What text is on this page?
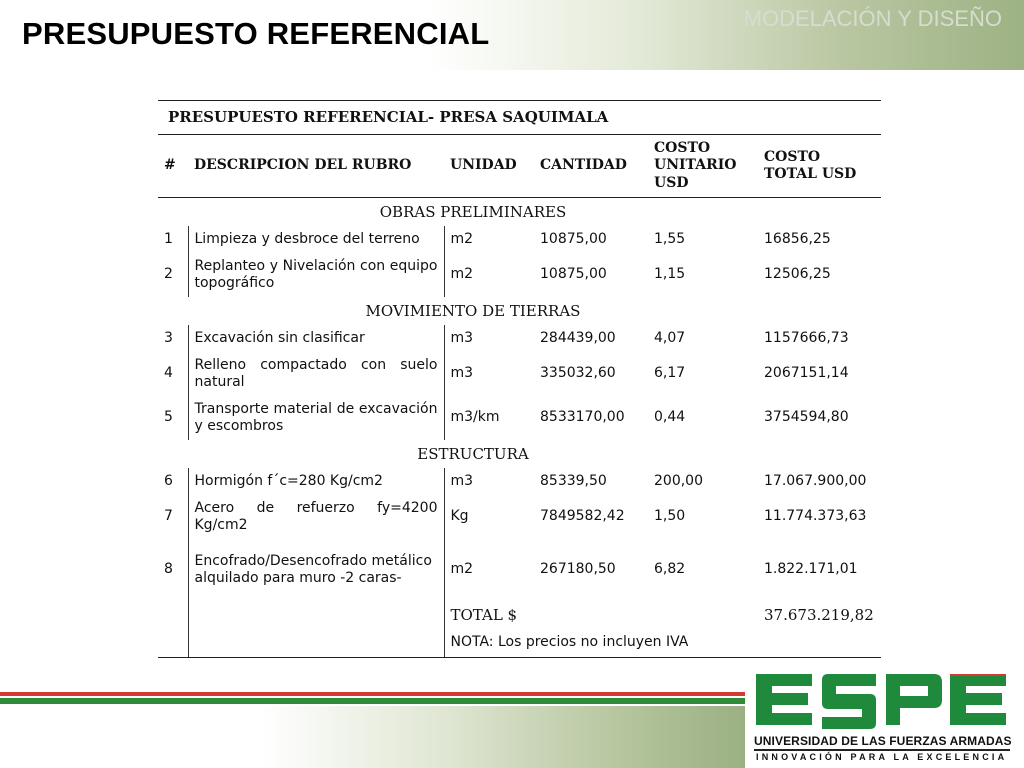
PRESUPUESTO REFERENCIAL	MODELACIÓN Y DISEÑO
PRESUPUESTO REFERENCIAL- PRESA SAQUIMALA					
#	DESCRIPCION DEL RUBRO	UNIDAD	CANTIDAD	COSTO UNITARIO USD	COSTO TOTAL USD
	OBRAS PRELIMINARES				
1	Limpieza y desbroce del terreno	m2	10875,00	1,55	16856,25
2	Replanteo y Nivelación con equipo topográfico	m2	10875,00	1,15	12506,25
	MOVIMIENTO DE TIERRAS				
3	Excavación sin clasificar	m3	284439,00	4,07	1157666,73
4	Relleno compactado con suelo natural	m3	335032,60	6,17	2067151,14
5	Transporte material de excavación y escombros	m3/km	8533170,00	0,44	3754594,80
	ESTRUCTURA				
6	Hormigón f´c=280 Kg/cm2	m3	85339,50	200,00	17.067.900,00
7	Acero de refuerzo fy=4200 Kg/cm2	Kg	7849582,42	1,50	11.774.373,63
8	Encofrado/Desencofrado metálico alquilado para muro -2 caras-	m2	267180,50	6,82	1.822.171,01
		TOTAL $			37.673.219,82
		NOTA: Los precios no incluyen IVA			
UNIVERSIDAD DE LAS FUERZAS ARMADAS
INNOVACIÓN PARA LA EXCELENCIA
